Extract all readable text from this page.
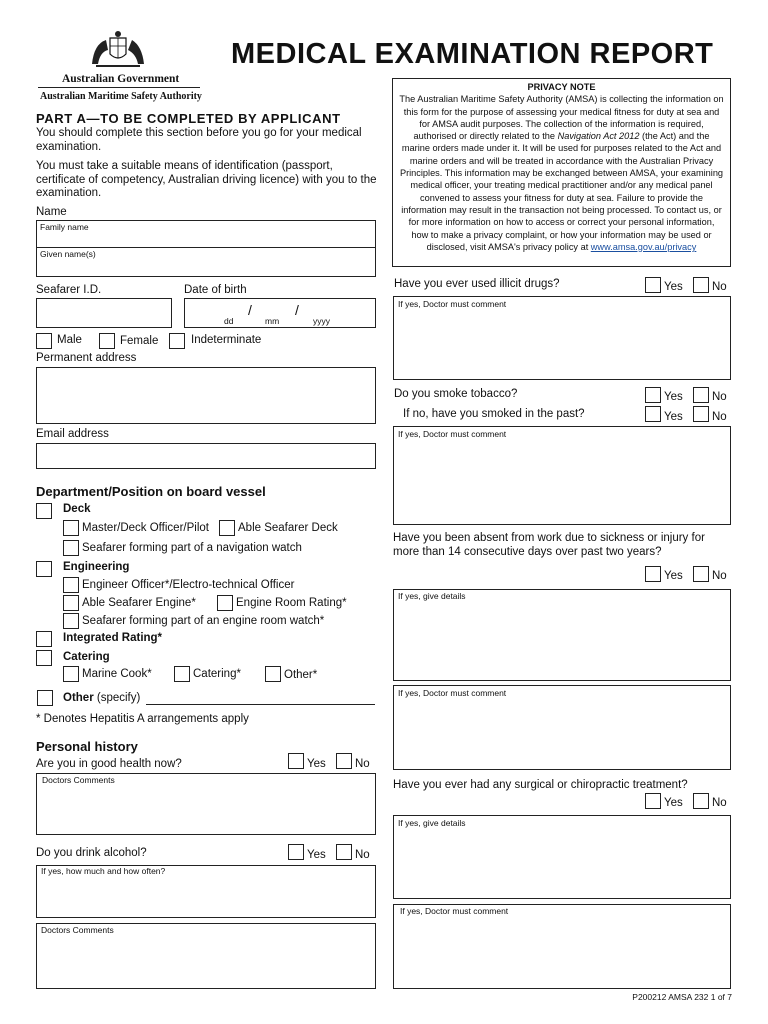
Australian Government
Australian Maritime Safety Authority
MEDICAL EXAMINATION REPORT
PRIVACY NOTE
The Australian Maritime Safety Authority (AMSA) is collecting the information on this form for the purpose of assessing your medical fitness for duty at sea and for AMSA audit purposes. The collection of the information is required, authorised or directly related to the Navigation Act 2012 (the Act) and the marine orders made under it. It will be used for purposes related to the Act and marine orders and will be treated in accordance with the Australian Privacy Principles. This information may be exchanged between AMSA, your examining medical officer, your treating medical practitioner and/or any medical panel convened to assess your fitness for duty at sea. Failure to provide the information may result in the transaction not being processed. To contact us, or for more information on how to access or correct your personal information, how to make a privacy complaint, or how your information may be used or disclosed, visit AMSA's privacy policy at www.amsa.gov.au/privacy
PART A—TO BE COMPLETED BY APPLICANT
You should complete this section before you go for your medical examination.
You must take a suitable means of identification (passport, certificate of competency, Australian driving licence) with you to the examination.
Name
Family name
Given name(s)
Seafarer I.D.	Date of birth
/	/
dd	mm	yyyy
Male	Female	Indeterminate
Permanent address
Email address
Department/Position on board vessel
Deck
Master/Deck Officer/Pilot	Able Seafarer Deck
Seafarer forming part of a navigation watch
Engineering
Engineer Officer*/Electro-technical Officer
Able Seafarer Engine*	Engine Room Rating*
Seafarer forming part of an engine room watch*
Integrated Rating*
Catering
Marine Cook*	Catering*	Other*
Other (specify)
* Denotes Hepatitis A arrangements apply
Personal history
Are you in good health now?	Yes	No
Doctors Comments
Do you drink alcohol?	Yes	No
If yes, how much and how often?
Doctors Comments
Have you ever used illicit drugs?	Yes	No
If yes, Doctor must comment
Do you smoke tobacco?	Yes	No
If no, have you smoked in the past?	Yes	No
If yes, Doctor must comment
Have you been absent from work due to sickness or injury for more than 14 consecutive days over past two years?
Yes	No
If yes, give details
If yes, Doctor must comment
Have you ever had any surgical or chiropractic treatment?
Yes	No
If yes, give details
If yes, Doctor must comment
P200212 AMSA 232 1 of 7
